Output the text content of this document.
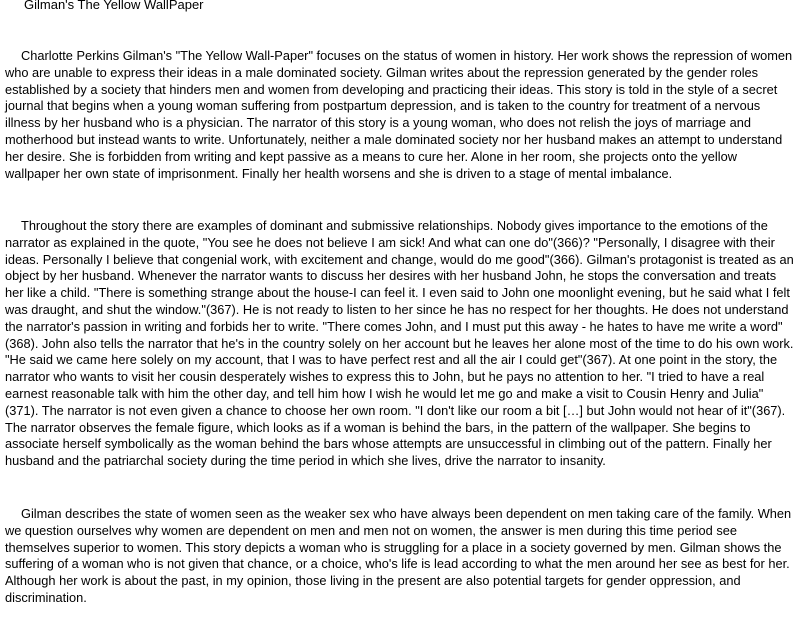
Gilman's The Yellow WallPaper

Charlotte Perkins Gilman's "The Yellow Wall-Paper" focuses on the status of women in history. Her work shows the repression of women who are unable to express their ideas in a male dominated society. Gilman writes about the repression generated by the gender roles established by a society that hinders men and women from developing and practicing their ideas. This story is told in the style of a secret journal that begins when a young woman suffering from postpartum depression, and is taken to the country for treatment of a nervous illness by her husband who is a physician. The narrator of this story is a young woman, who does not relish the joys of marriage and motherhood but instead wants to write. Unfortunately, neither a male dominated society nor her husband makes an attempt to understand her desire. She is forbidden from writing and kept passive as a means to cure her. Alone in her room, she projects onto the yellow wallpaper her own state of imprisonment. Finally her health worsens and she is driven to a stage of mental imbalance.

Throughout the story there are examples of dominant and submissive relationships. Nobody gives importance to the emotions of the narrator as explained in the quote, "You see he does not believe I am sick! And what can one do"(366)? "Personally, I disagree with their ideas. Personally I believe that congenial work, with excitement and change, would do me good"(366). Gilman's protagonist is treated as an object by her husband. Whenever the narrator wants to discuss her desires with her husband John, he stops the conversation and treats her like a child. "There is something strange about the house-I can feel it. I even said to John one moonlight evening, but he said what I felt was draught, and shut the window."(367). He is not ready to listen to her since he has no respect for her thoughts. He does not understand the narrator's passion in writing and forbids her to write. "There comes John, and I must put this away - he hates to have me write a word"(368). John also tells the narrator that he's in the country solely on her account but he leaves her alone most of the time to do his own work. "He said we came here solely on my account, that I was to have perfect rest and all the air I could get"(367). At one point in the story, the narrator who wants to visit her cousin desperately wishes to express this to John, but he pays no attention to her. "I tried to have a real earnest reasonable talk with him the other day, and tell him how I wish he would let me go and make a visit to Cousin Henry and Julia"(371). The narrator is not even given a chance to choose her own room. "I don't like our room a bit […] but John would not hear of it"(367). The narrator observes the female figure, which looks as if a woman is behind the bars, in the pattern of the wallpaper. She begins to associate herself symbolically as the woman behind the bars whose attempts are unsuccessful in climbing out of the pattern. Finally her husband and the patriarchal society during the time period in which she lives, drive the narrator to insanity.

Gilman describes the state of women seen as the weaker sex who have always been dependent on men taking care of the family. When we question ourselves why women are dependent on men and men not on women, the answer is men during this time period see themselves superior to women. This story depicts a woman who is struggling for a place in a society governed by men. Gilman shows the suffering of a woman who is not given that chance, or a choice, who's life is lead according to what the men around her see as best for her. Although her work is about the past, in my opinion, those living in the present are also potential targets for gender oppression, and discrimination.
